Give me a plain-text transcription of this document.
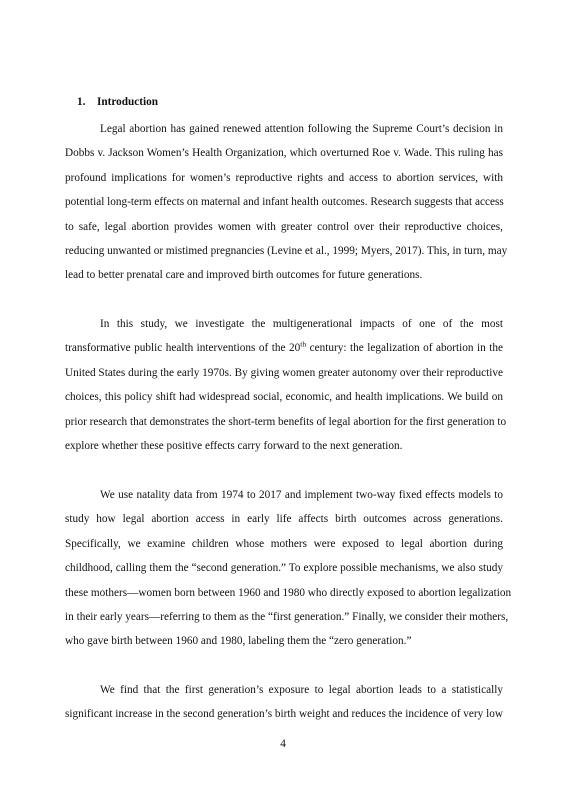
1. Introduction
Legal abortion has gained renewed attention following the Supreme Court’s decision in
Dobbs v. Jackson Women’s Health Organization, which overturned Roe v. Wade. This ruling has
profound implications for women’s reproductive rights and access to abortion services, with
potential long-term effects on maternal and infant health outcomes. Research suggests that access
to safe, legal abortion provides women with greater control over their reproductive choices,
reducing unwanted or mistimed pregnancies (Levine et al., 1999; Myers, 2017). This, in turn, may
lead to better prenatal care and improved birth outcomes for future generations.
In this study, we investigate the multigenerational impacts of one of the most
transformative public health interventions of the 20th century: the legalization of abortion in the
United States during the early 1970s. By giving women greater autonomy over their reproductive
choices, this policy shift had widespread social, economic, and health implications. We build on
prior research that demonstrates the short-term benefits of legal abortion for the first generation to
explore whether these positive effects carry forward to the next generation.
We use natality data from 1974 to 2017 and implement two-way fixed effects models to
study how legal abortion access in early life affects birth outcomes across generations.
Specifically, we examine children whose mothers were exposed to legal abortion during
childhood, calling them the “second generation.” To explore possible mechanisms, we also study
these mothers—women born between 1960 and 1980 who directly exposed to abortion legalization
in their early years—referring to them as the “first generation.” Finally, we consider their mothers,
who gave birth between 1960 and 1980, labeling them the “zero generation.”
We find that the first generation’s exposure to legal abortion leads to a statistically
significant increase in the second generation’s birth weight and reduces the incidence of very low
4
